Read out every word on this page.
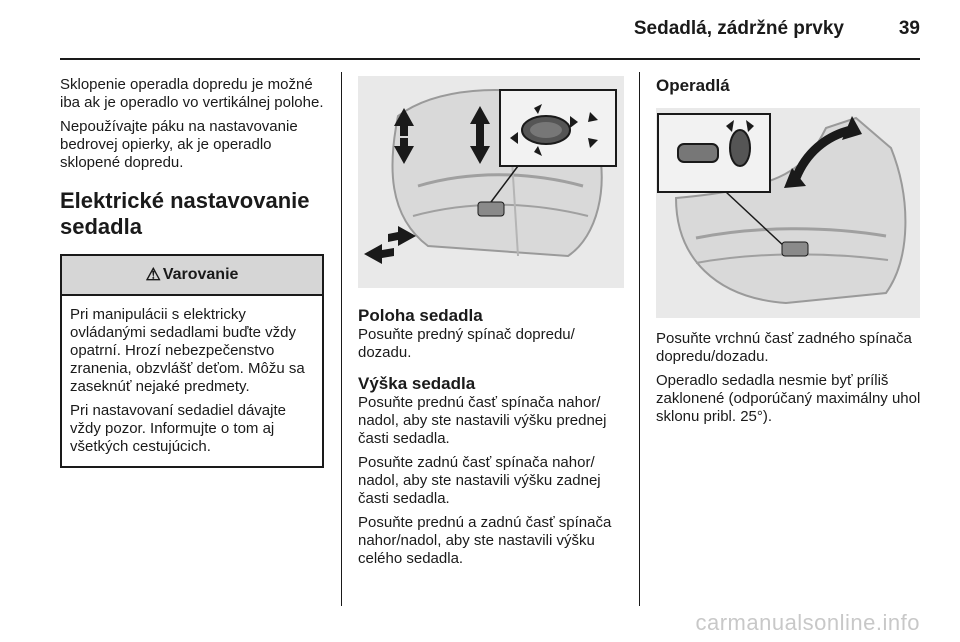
Sedadlá, zádržné prvky	39

Sklopenie operadla dopredu je možné iba ak je operadlo vo vertikálnej polohe.

Nepoužívajte páku na nastavovanie bedrovej opierky, ak je operadlo sklopené dopredu.

Elektrické nastavovanie sedadla
⚠ Varovanie

Pri manipulácii s elektricky ovládanými sedadlami buďte vždy opatrní. Hrozí nebezpečenstvo zranenia, obzvlášť deťom. Môžu sa zaseknúť nejaké predmety.

Pri nastavovaní sedadiel dávajte vždy pozor. Informujte o tom aj všetkých cestujúcich.

Poloha sedadla

Posuňte predný spínač dopredu/ dozadu.

Výška sedadla

Posuňte prednú časť spínača nahor/ nadol, aby ste nastavili výšku prednej časti sedadla.

Posuňte zadnú časť spínača nahor/ nadol, aby ste nastavili výšku zadnej časti sedadla.

Posuňte prednú a zadnú časť spínača nahor/nadol, aby ste nastavili výšku celého sedadla.

Operadlá

Posuňte vrchnú časť zadného spínača dopredu/dozadu.

Operadlo sedadla nesmie byť príliš zaklonené (odporúčaný maximálny uhol sklonu pribl. 25°).

carmanualsonline.info
